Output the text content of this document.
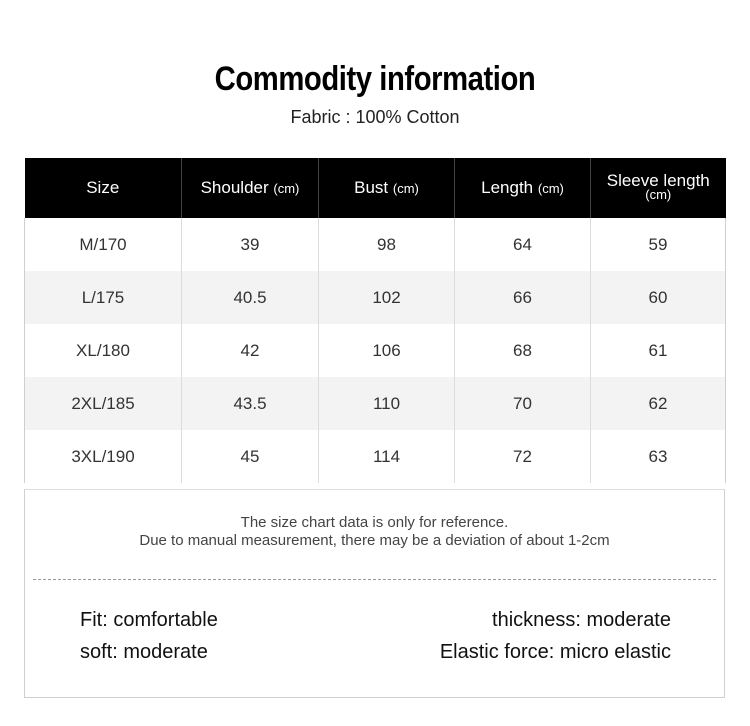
Commodity information
Fabric : 100% Cotton
Size	Shoulder (cm)	Bust (cm)	Length (cm)	Sleeve length
(cm)

M/170	39	98	64	59
L/175	40.5	102	66	60
XL/180	42	106	68	61
2XL/185	43.5	110	70	62
3XL/190	45	114	72	63
The size chart data is only for reference.
Due to manual measurement, there may be a deviation of about 1-2cm
Fit: comfortable	thickness: moderate
soft: moderate	Elastic force: micro elastic
